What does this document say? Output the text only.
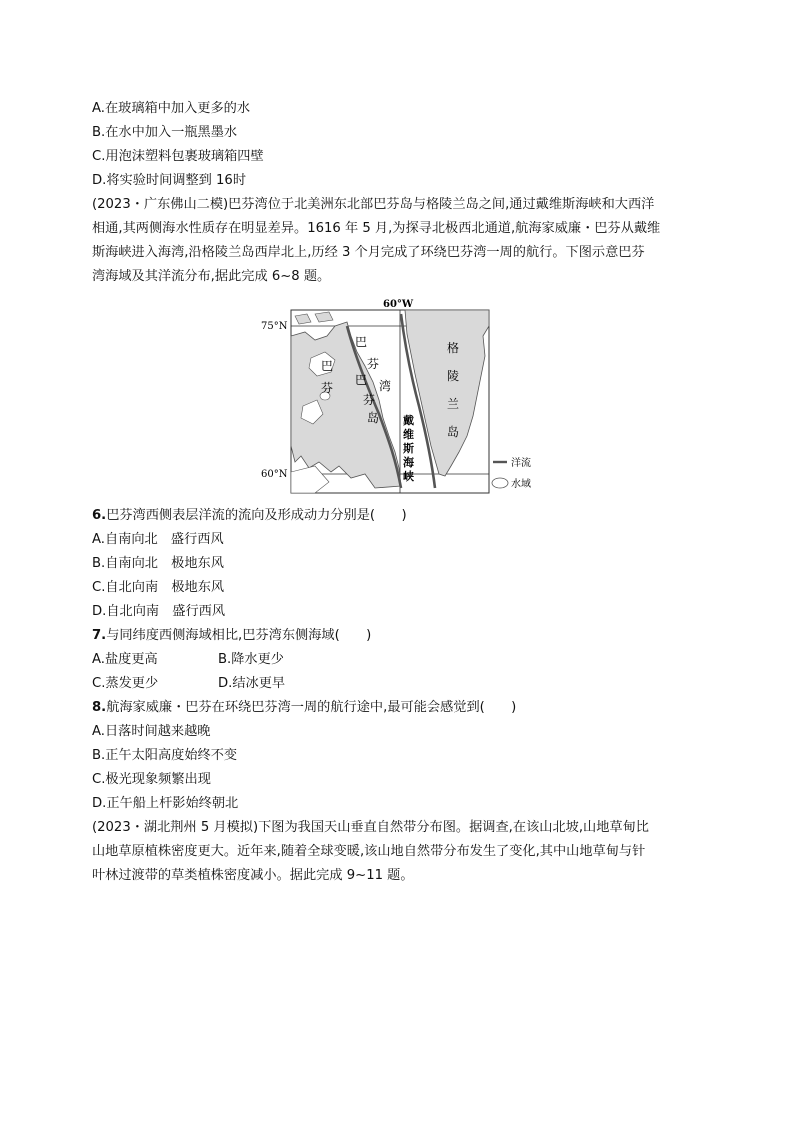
A.在玻璃箱中加入更多的水
B.在水中加入一瓶黑墨水
C.用泡沫塑料包裹玻璃箱四壁
D.将实验时间调整到 16时
(2023・广东佛山二模)巴芬湾位于北美洲东北部巴芬岛与格陵兰岛之间,通过戴维斯海峡和大西洋
相通,其两侧海水性质存在明显差异。1616 年 5 月,为探寻北极西北通道,航海家威廉・巴芬从戴维
斯海峡进入海湾,沿格陵兰岛西岸北上,历经 3 个月完成了环绕巴芬湾一周的航行。下图示意巴芬
湾海域及其洋流分布,据此完成 6~8 题。
60°W
75°N
60°N
巴
芬
湾
巴
芬
巴
芬
岛
格
陵
兰
岛
戴
维
斯
海
峡
洋流
水域
6.巴芬湾西侧表层洋流的流向及形成动力分别是(　　)
A.自南向北　盛行西风
B.自南向北　极地东风
C.自北向南　极地东风
D.自北向南　盛行西风
7.与同纬度西侧海域相比,巴芬湾东侧海域(　　)
A.盐度更高	B.降水更少
C.蒸发更少	D.结冰更早
8.航海家威廉・巴芬在环绕巴芬湾一周的航行途中,最可能会感觉到(　　)
A.日落时间越来越晚
B.正午太阳高度始终不变
C.极光现象频繁出现
D.正午船上杆影始终朝北
(2023・湖北荆州 5 月模拟)下图为我国天山垂直自然带分布图。据调查,在该山北坡,山地草甸比
山地草原植株密度更大。近年来,随着全球变暖,该山地自然带分布发生了变化,其中山地草甸与针
叶林过渡带的草类植株密度减小。据此完成 9~11 题。
